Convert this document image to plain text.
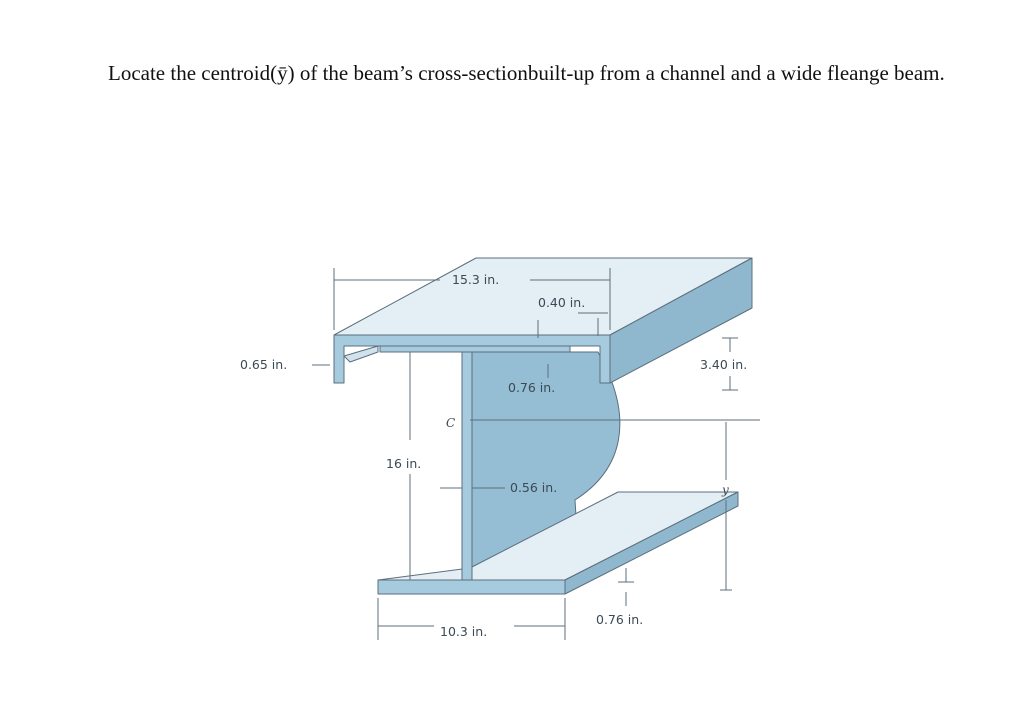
Locate the centroid(ȳ) of the beam’s cross-sectionbuilt-up from a channel and a wide fleange beam.

15.3 in.
0.40 in.
0.65 in.	3.40 in.
0.76 in.
C
16 in.
0.56 in.	y
0.76 in.
10.3 in.
